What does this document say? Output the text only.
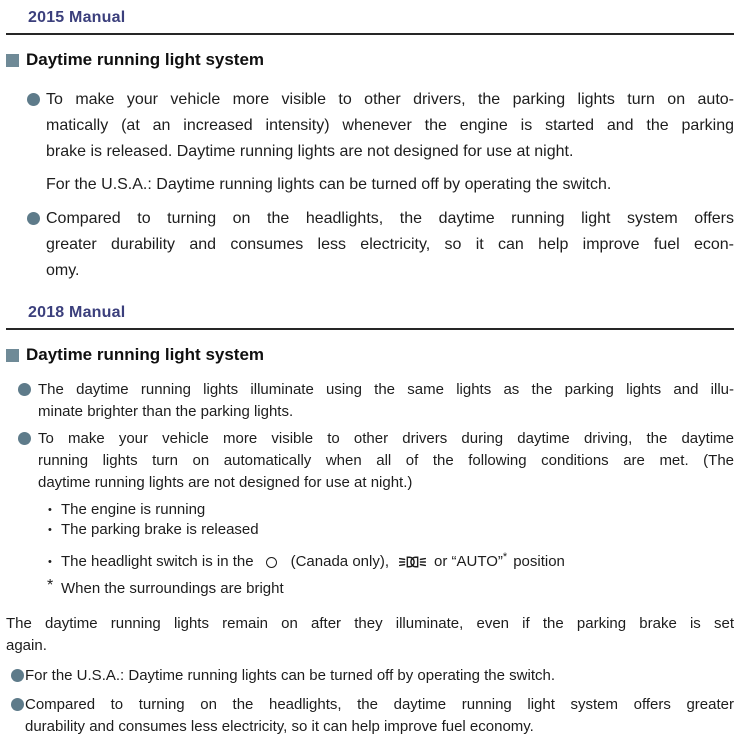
2015 Manual
Daytime running light system
To make your vehicle more visible to other drivers, the parking lights turn on auto-
matically (at an increased intensity) whenever the engine is started and the parking
brake is released. Daytime running lights are not designed for use at night.
For the U.S.A.: Daytime running lights can be turned off by operating the switch.
Compared to turning on the headlights, the daytime running light system offers
greater durability and consumes less electricity, so it can help improve fuel econ-
omy.
2018 Manual
Daytime running light system
The daytime running lights illuminate using the same lights as the parking lights and illu-
minate brighter than the parking lights.
To make your vehicle more visible to other drivers during daytime driving, the daytime
running lights turn on automatically when all of the following conditions are met. (The
daytime running lights are not designed for use at night.)
• The engine is running
• The parking brake is released
• The headlight switch is in the (Canada only),	or “AUTO” * position
* When the surroundings are bright
The daytime running lights remain on after they illuminate, even if the parking brake is set
again.
For the U.S.A.: Daytime running lights can be turned off by operating the switch.
Compared to turning on the headlights, the daytime running light system offers greater
durability and consumes less electricity, so it can help improve fuel economy.
